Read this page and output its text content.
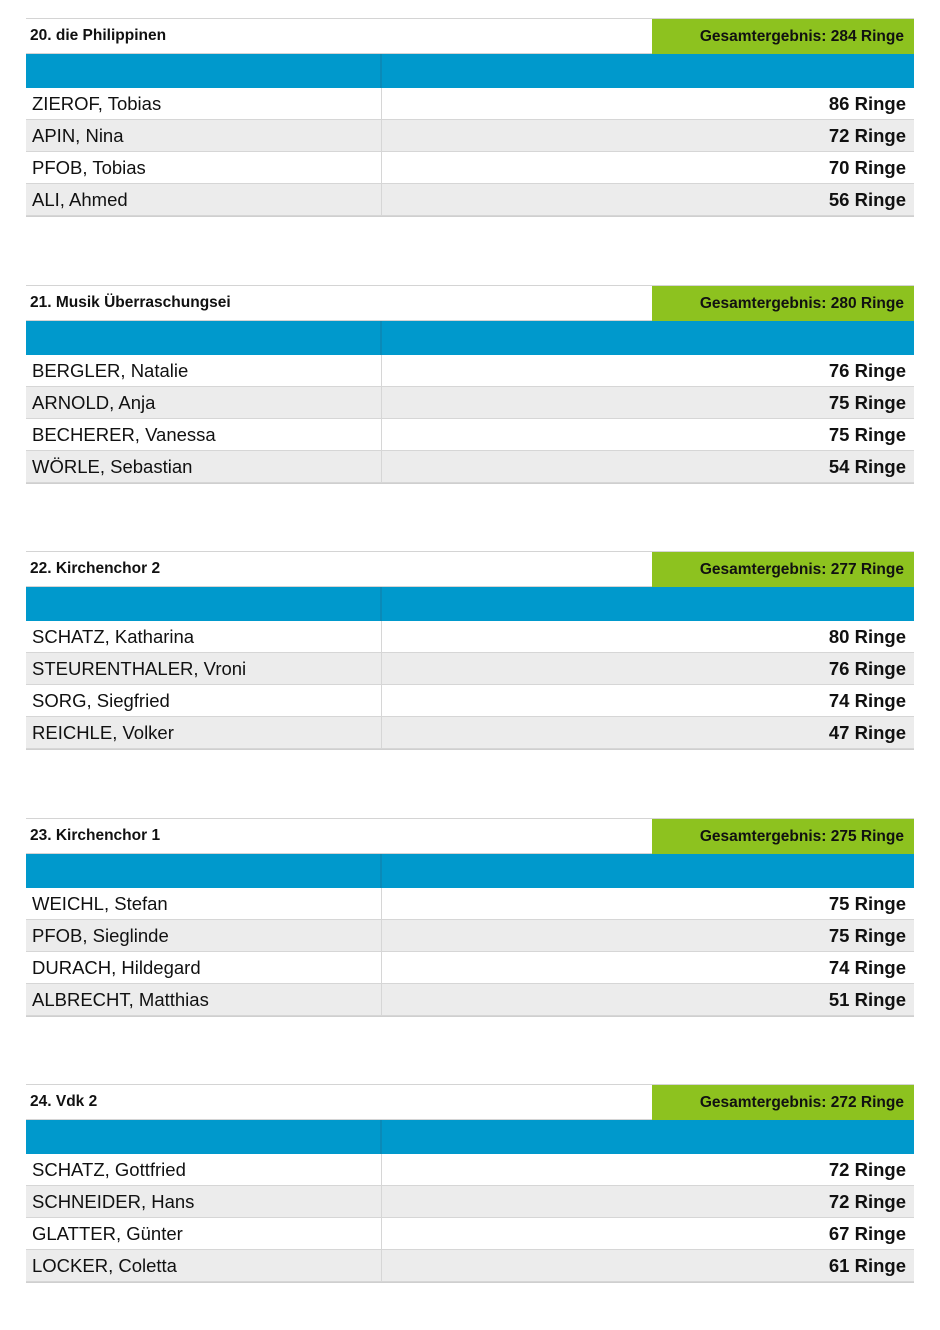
20. die Philippinen	Gesamtergebnis: 284 Ringe
ZIEROF, Tobias	86 Ringe
APIN, Nina	72 Ringe
PFOB, Tobias	70 Ringe
ALI, Ahmed	56 Ringe
21. Musik Überraschungsei	Gesamtergebnis: 280 Ringe
BERGLER, Natalie	76 Ringe
ARNOLD, Anja	75 Ringe
BECHERER, Vanessa	75 Ringe
WÖRLE, Sebastian	54 Ringe
22. Kirchenchor 2	Gesamtergebnis: 277 Ringe
SCHATZ, Katharina	80 Ringe
STEURENTHALER, Vroni	76 Ringe
SORG, Siegfried	74 Ringe
REICHLE, Volker	47 Ringe
23. Kirchenchor 1	Gesamtergebnis: 275 Ringe
WEICHL, Stefan	75 Ringe
PFOB, Sieglinde	75 Ringe
DURACH, Hildegard	74 Ringe
ALBRECHT, Matthias	51 Ringe
24. Vdk 2	Gesamtergebnis: 272 Ringe
SCHATZ, Gottfried	72 Ringe
SCHNEIDER, Hans	72 Ringe
GLATTER, Günter	67 Ringe
LOCKER, Coletta	61 Ringe
